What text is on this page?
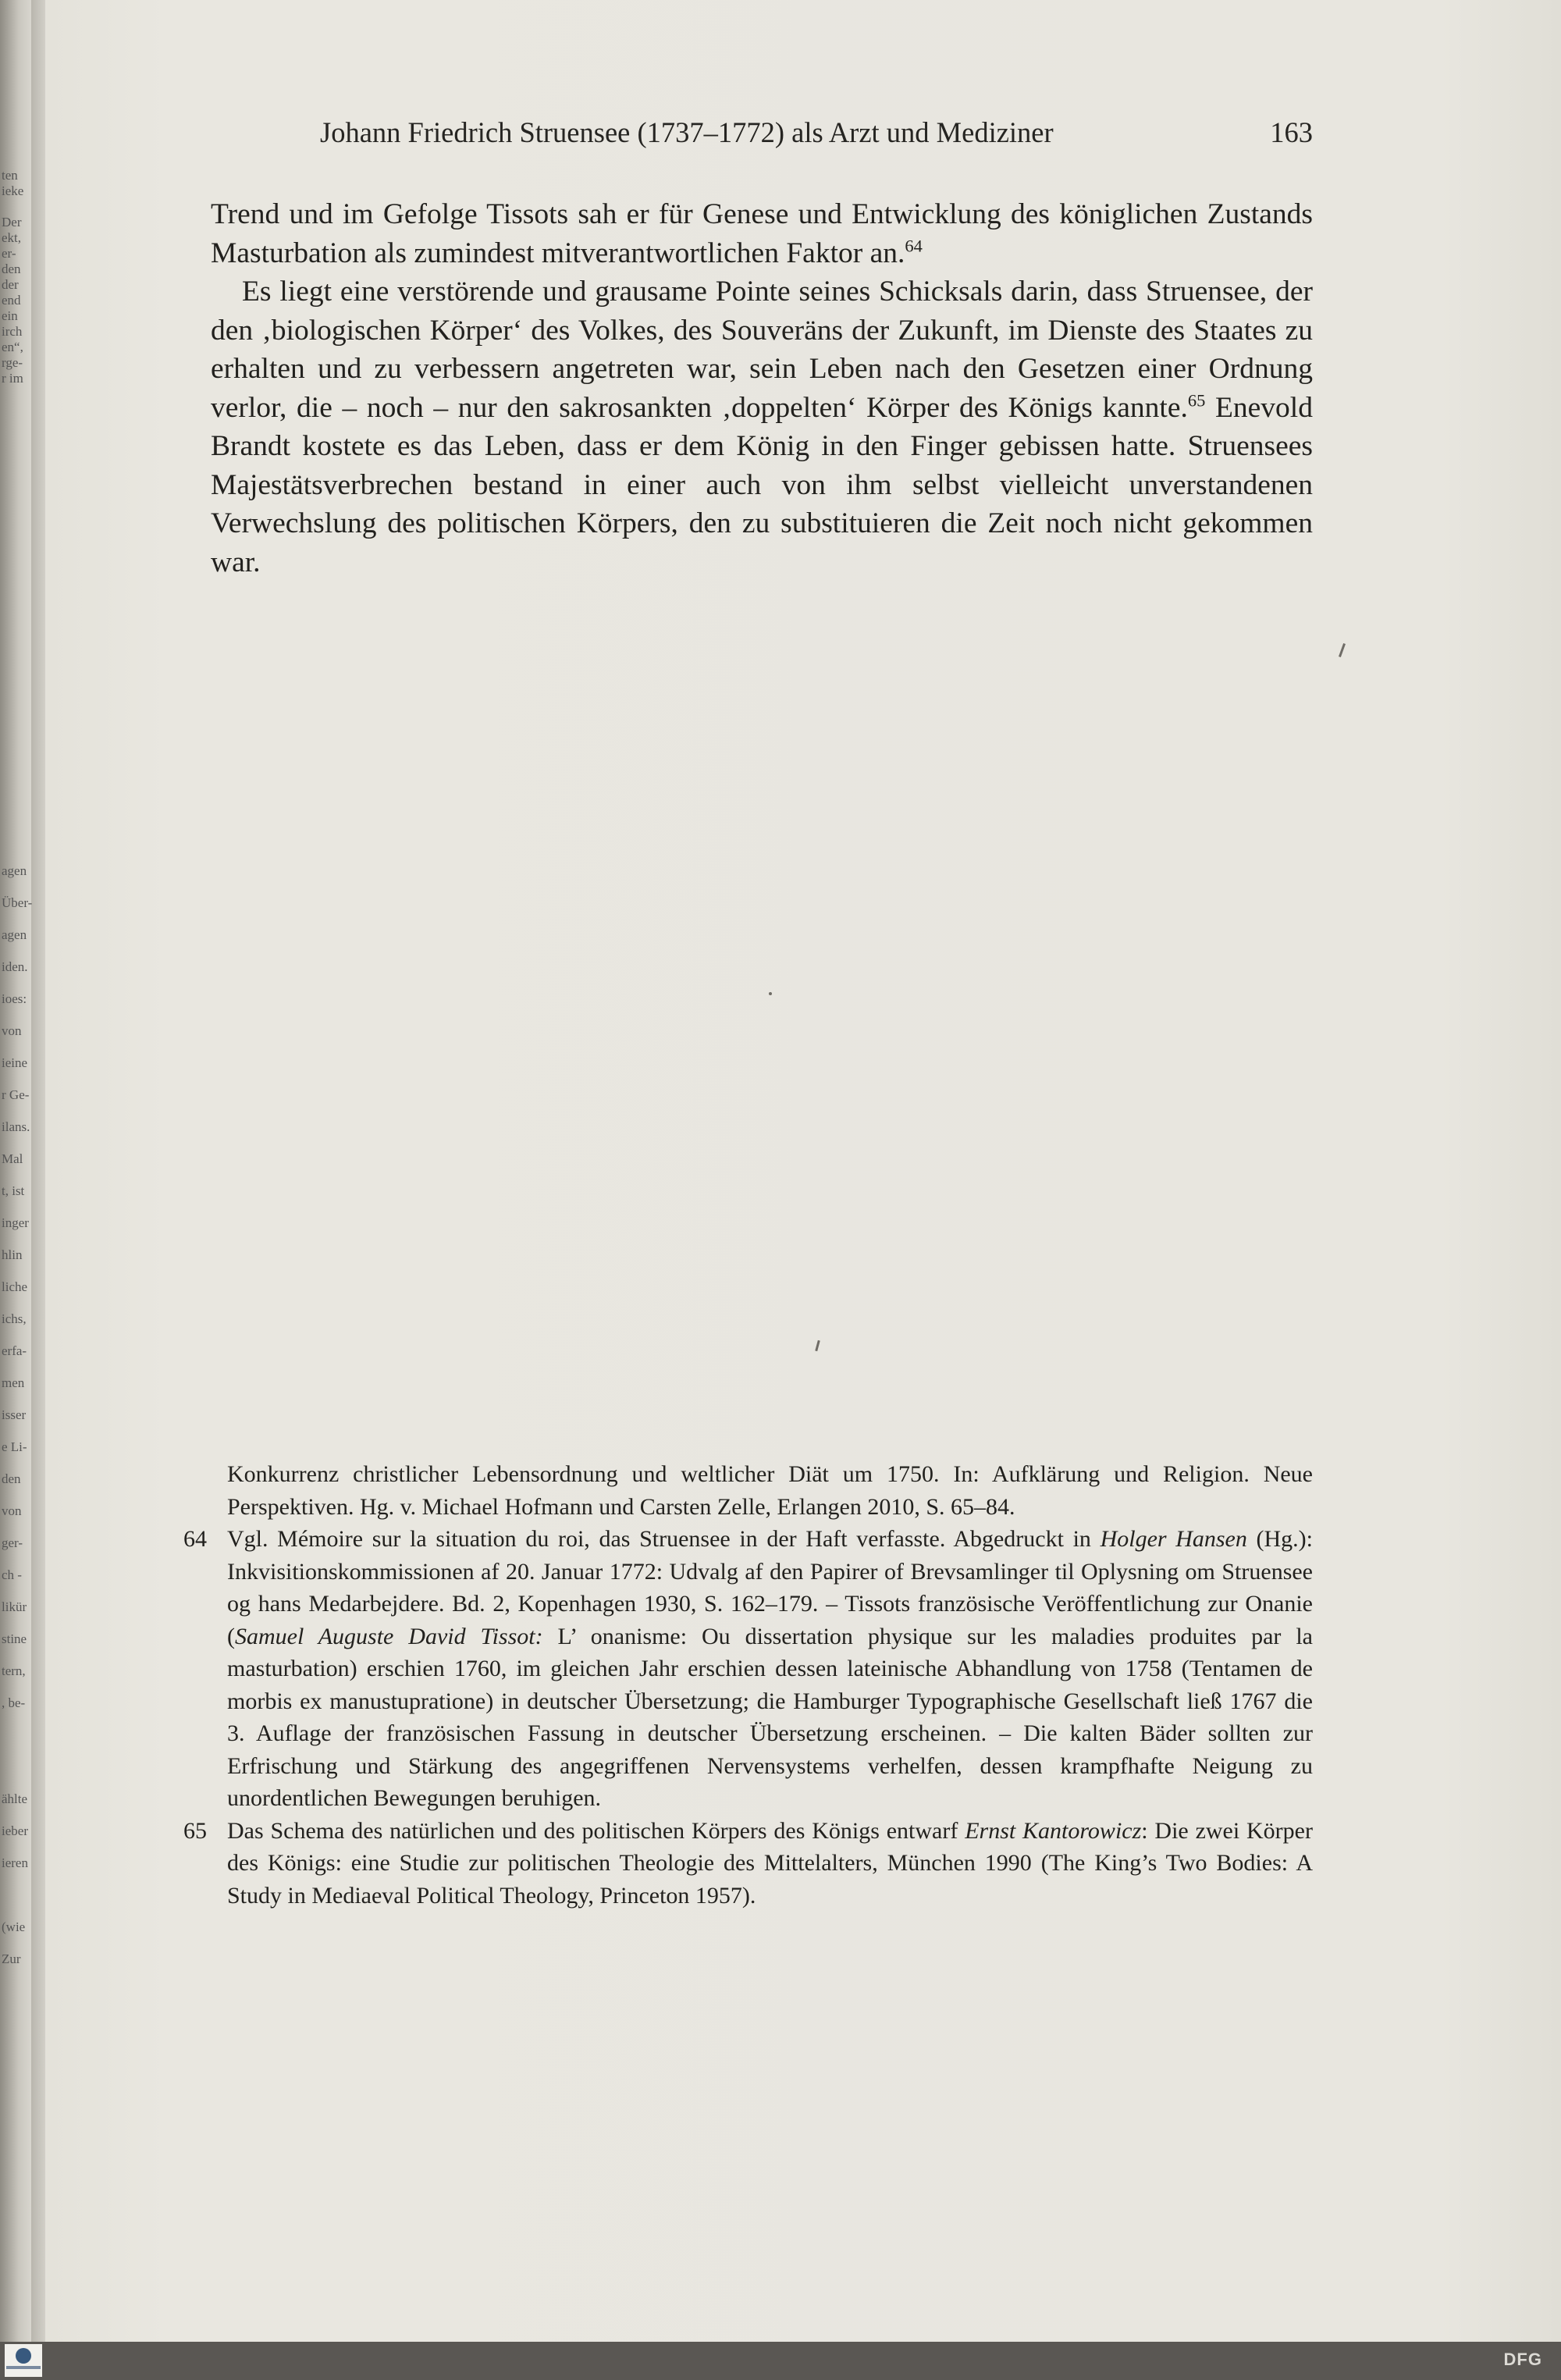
ten
ieke

Der
ekt,
er-
den
der
end
ein
irch
en“,
rge-
r im
agen
Über-
agen
iden.
ioes:
von
ieine
r Ge-
ilans.
Mal
t, ist
inger
hlin
liche
ichs,
erfa-
men
isser
e Li-
den
von
ger-
ch -
likür
stine
tern,
, be-

ählte
ieber
ieren

(wie
Zur
Johann Friedrich Struensee (1737–1772) als Arzt und Mediziner	163

Trend und im Gefolge Tissots sah er für Genese und Entwicklung des königlichen Zustands Masturbation als zumindest mitverantwortlichen Faktor an.$^{64}$

Es liegt eine verstörende und grausame Pointe seines Schicksals darin, dass Struensee, der den ‚biologischen Körper‘ des Volkes, des Souveräns der Zukunft, im Dienste des Staates zu erhalten und zu verbessern angetreten war, sein Leben nach den Gesetzen einer Ordnung verlor, die – noch – nur den sakrosankten ‚doppelten‘ Körper des Königs kannte.$^{65}$ Enevold Brandt kostete es das Leben, dass er dem König in den Finger gebissen hatte. Struensees Majestätsverbrechen bestand in einer auch von ihm selbst vielleicht unverstandenen Verwechslung des politischen Körpers, den zu substituieren die Zeit noch nicht gekommen war.

Konkurrenz christlicher Lebensordnung und weltlicher Diät um 1750. In: Aufklärung und Religion. Neue Perspektiven. Hg. v. Michael Hofmann und Carsten Zelle, Erlangen 2010, S. 65–84.

64 Vgl. Mémoire sur la situation du roi, das Struensee in der Haft verfasste. Abgedruckt in Holger Hansen (Hg.): Inkvisitionskommissionen af 20. Januar 1772: Udvalg af den Papirer of Brevsamlinger til Oplysning om Struensee og hans Medarbejdere. Bd. 2, Kopenhagen 1930, S. 162–179. – Tissots französische Veröffentlichung zur Onanie (Samuel Auguste David Tissot: L’ onanisme: Ou dissertation physique sur les maladies produites par la masturbation) erschien 1760, im gleichen Jahr erschien dessen lateinische Abhandlung von 1758 (Tentamen de morbis ex manustupratione) in deutscher Übersetzung; die Hamburger Typographische Gesellschaft ließ 1767 die 3. Auflage der französischen Fassung in deutscher Übersetzung erscheinen. – Die kalten Bäder sollten zur Erfrischung und Stärkung des angegriffenen Nervensystems verhelfen, dessen krampfhafte Neigung zu unordentlichen Bewegungen beruhigen.

65 Das Schema des natürlichen und des politischen Körpers des Königs entwarf Ernst Kantorowicz: Die zwei Körper des Königs: eine Studie zur politischen Theologie des Mittelalters, München 1990 (The King’s Two Bodies: A Study in Mediaeval Political Theology, Princeton 1957).

DFG
